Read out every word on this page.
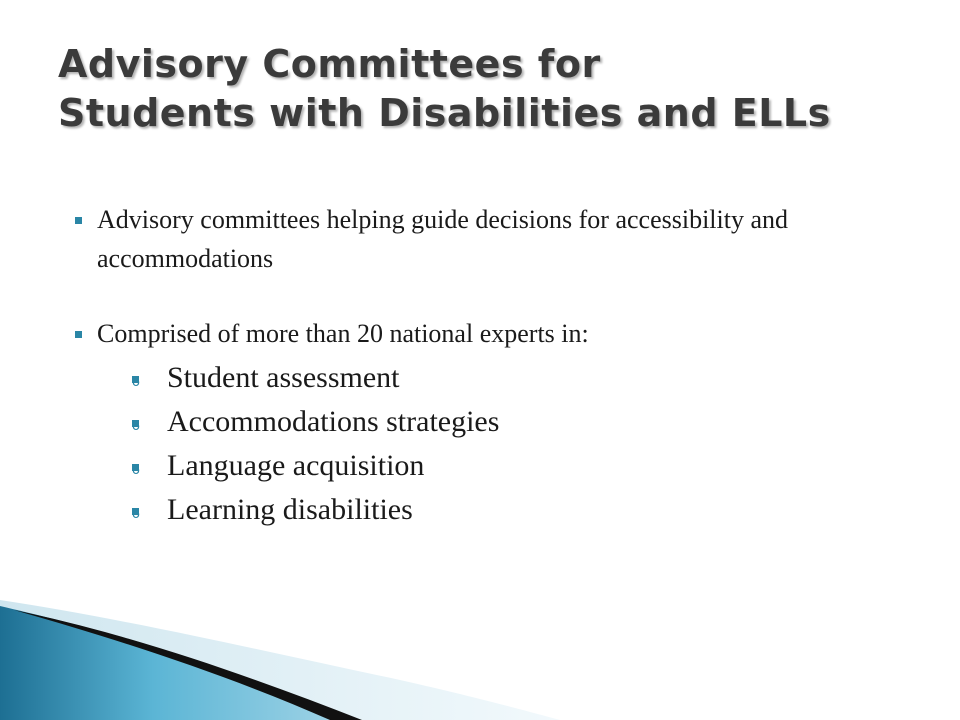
Advisory Committees for
Students with Disabilities and ELLs
Advisory committees helping guide decisions for accessibility and accommodations
Comprised of more than 20 national experts in:
o Student assessment
o Accommodations strategies
o Language acquisition
o Learning disabilities
